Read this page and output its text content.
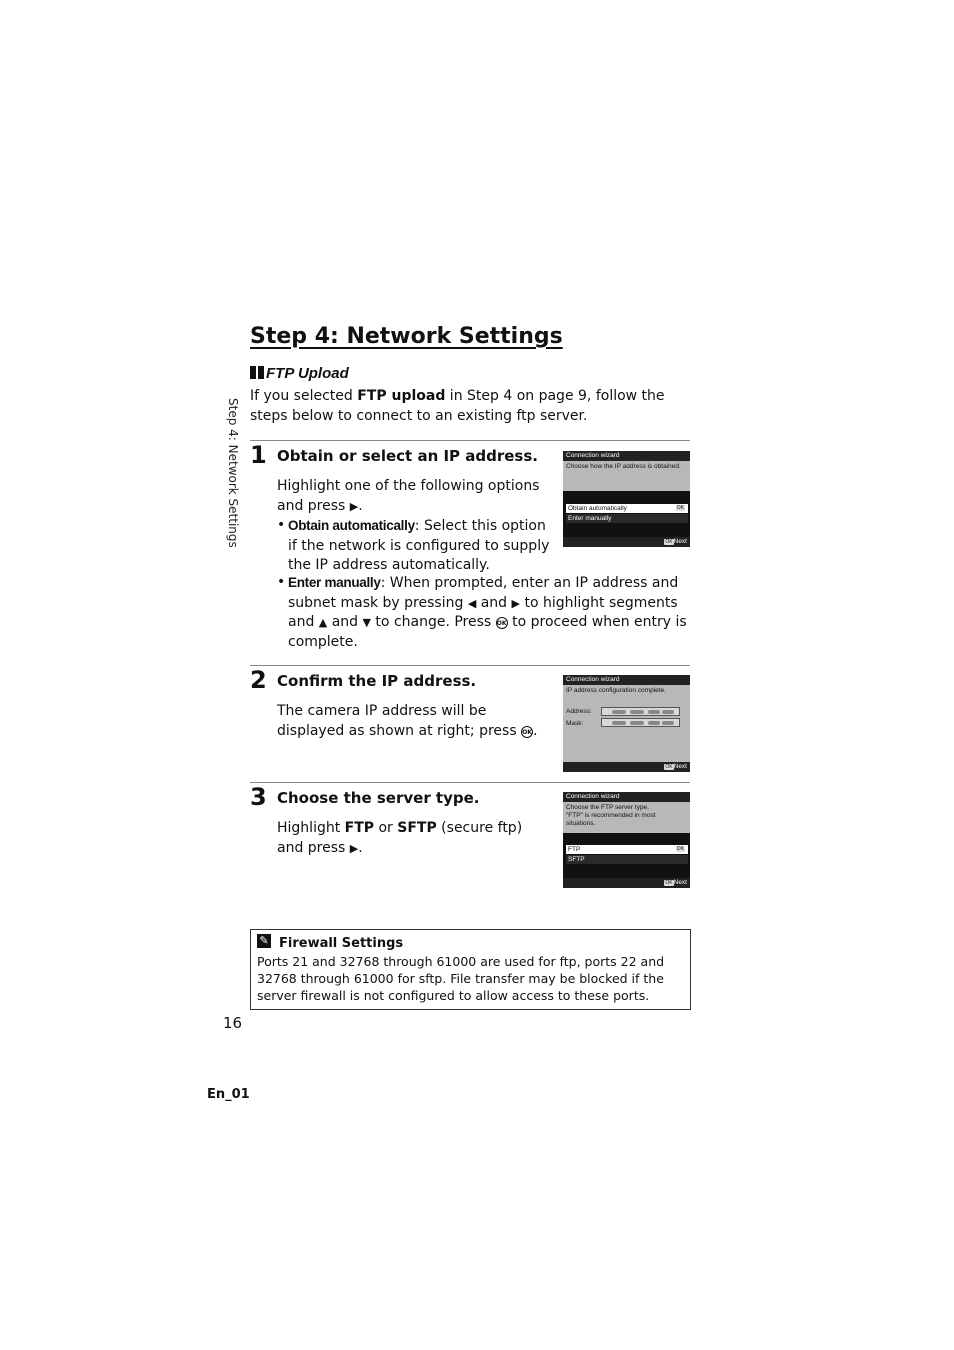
Step 4: Network Settings
Step 4: Network Settings
FTP Upload
If you selected FTP upload in Step 4 on page 9, follow the steps below to connect to an existing ftp server.
1 Obtain or select an IP address.
Highlight one of the following options and press ▶.
• Obtain automatically: Select this option if the network is configured to supply the IP address automatically.
• Enter manually: When prompted, enter an IP address and subnet mask by pressing ◀ and ▶ to highlight segments and ▲ and ▼ to change. Press OK to proceed when entry is complete.
Connection wizard
Choose how the IP address is obtained.
Obtain automatically	OK
Enter manually
OKNext
2 Confirm the IP address.
The camera IP address will be displayed as shown at right; press OK.
Connection wizard
IP address configuration complete.
Address:
Mask:
OKNext
3 Choose the server type.
Highlight FTP or SFTP (secure ftp) and press ▶.
Connection wizard
Choose the FTP server type. "FTP" is recommended in most situations.
FTP	OK
SFTP
OKNext
✎ Firewall Settings
Ports 21 and 32768 through 61000 are used for ftp, ports 22 and 32768 through 61000 for sftp. File transfer may be blocked if the server firewall is not configured to allow access to these ports.
16
En_01
